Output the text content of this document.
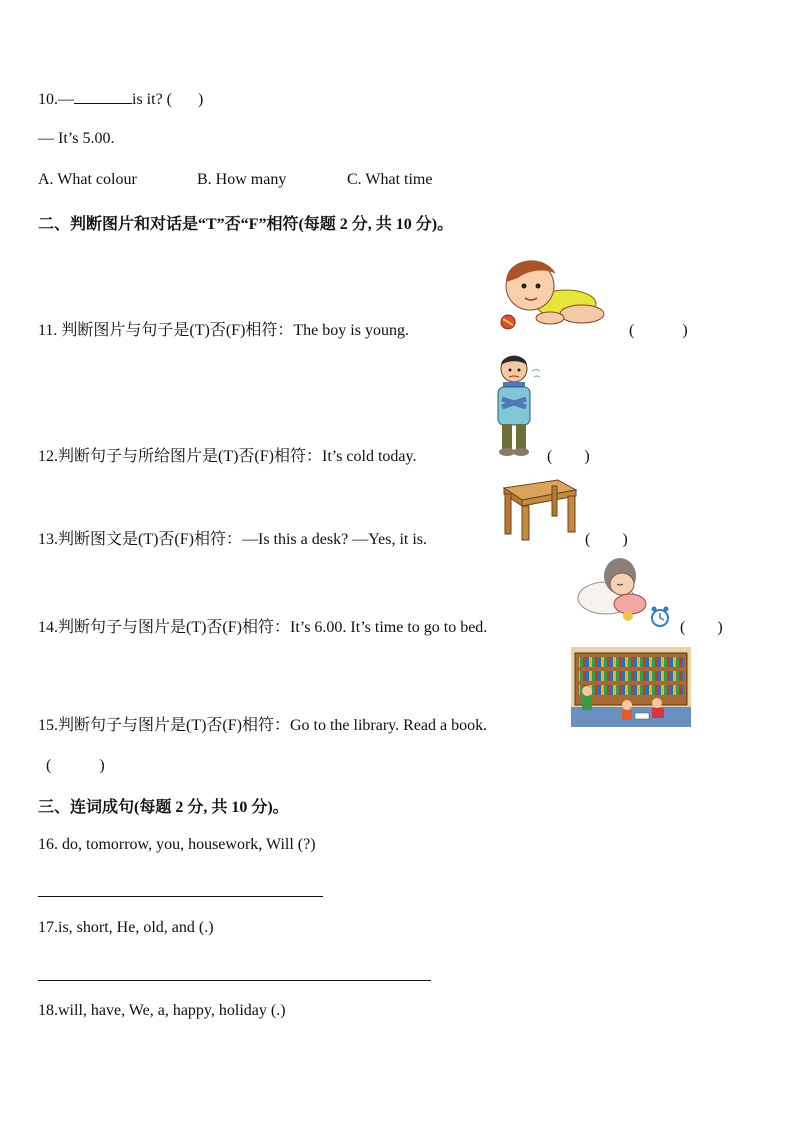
10.—	is it? ( )
— It’s 5.00.
A. What colour	B. How many	C. What time
二、判断图片和对话是“T”否“F”相符(每题 2 分, 共 10 分)。
11. 判断图片与句子是(T)否(F)相符：The boy is young.	(　　　)
12.判断句子与所给图片是(T)否(F)相符：It’s cold today.	(　　)
13.判断图文是(T)否(F)相符：—Is this a desk? —Yes, it is.	(　　)
14.判断句子与图片是(T)否(F)相符：It’s 6.00. It’s time to go to bed.	(　　)
15.判断句子与图片是(T)否(F)相符：Go to the library. Read a book.
(　　　)
三、连词成句(每题 2 分, 共 10 分)。
16. do, tomorrow, you, housework, Will (?)
17.is, short, He, old, and (.)
18.will, have, We, a, happy, holiday (.)
